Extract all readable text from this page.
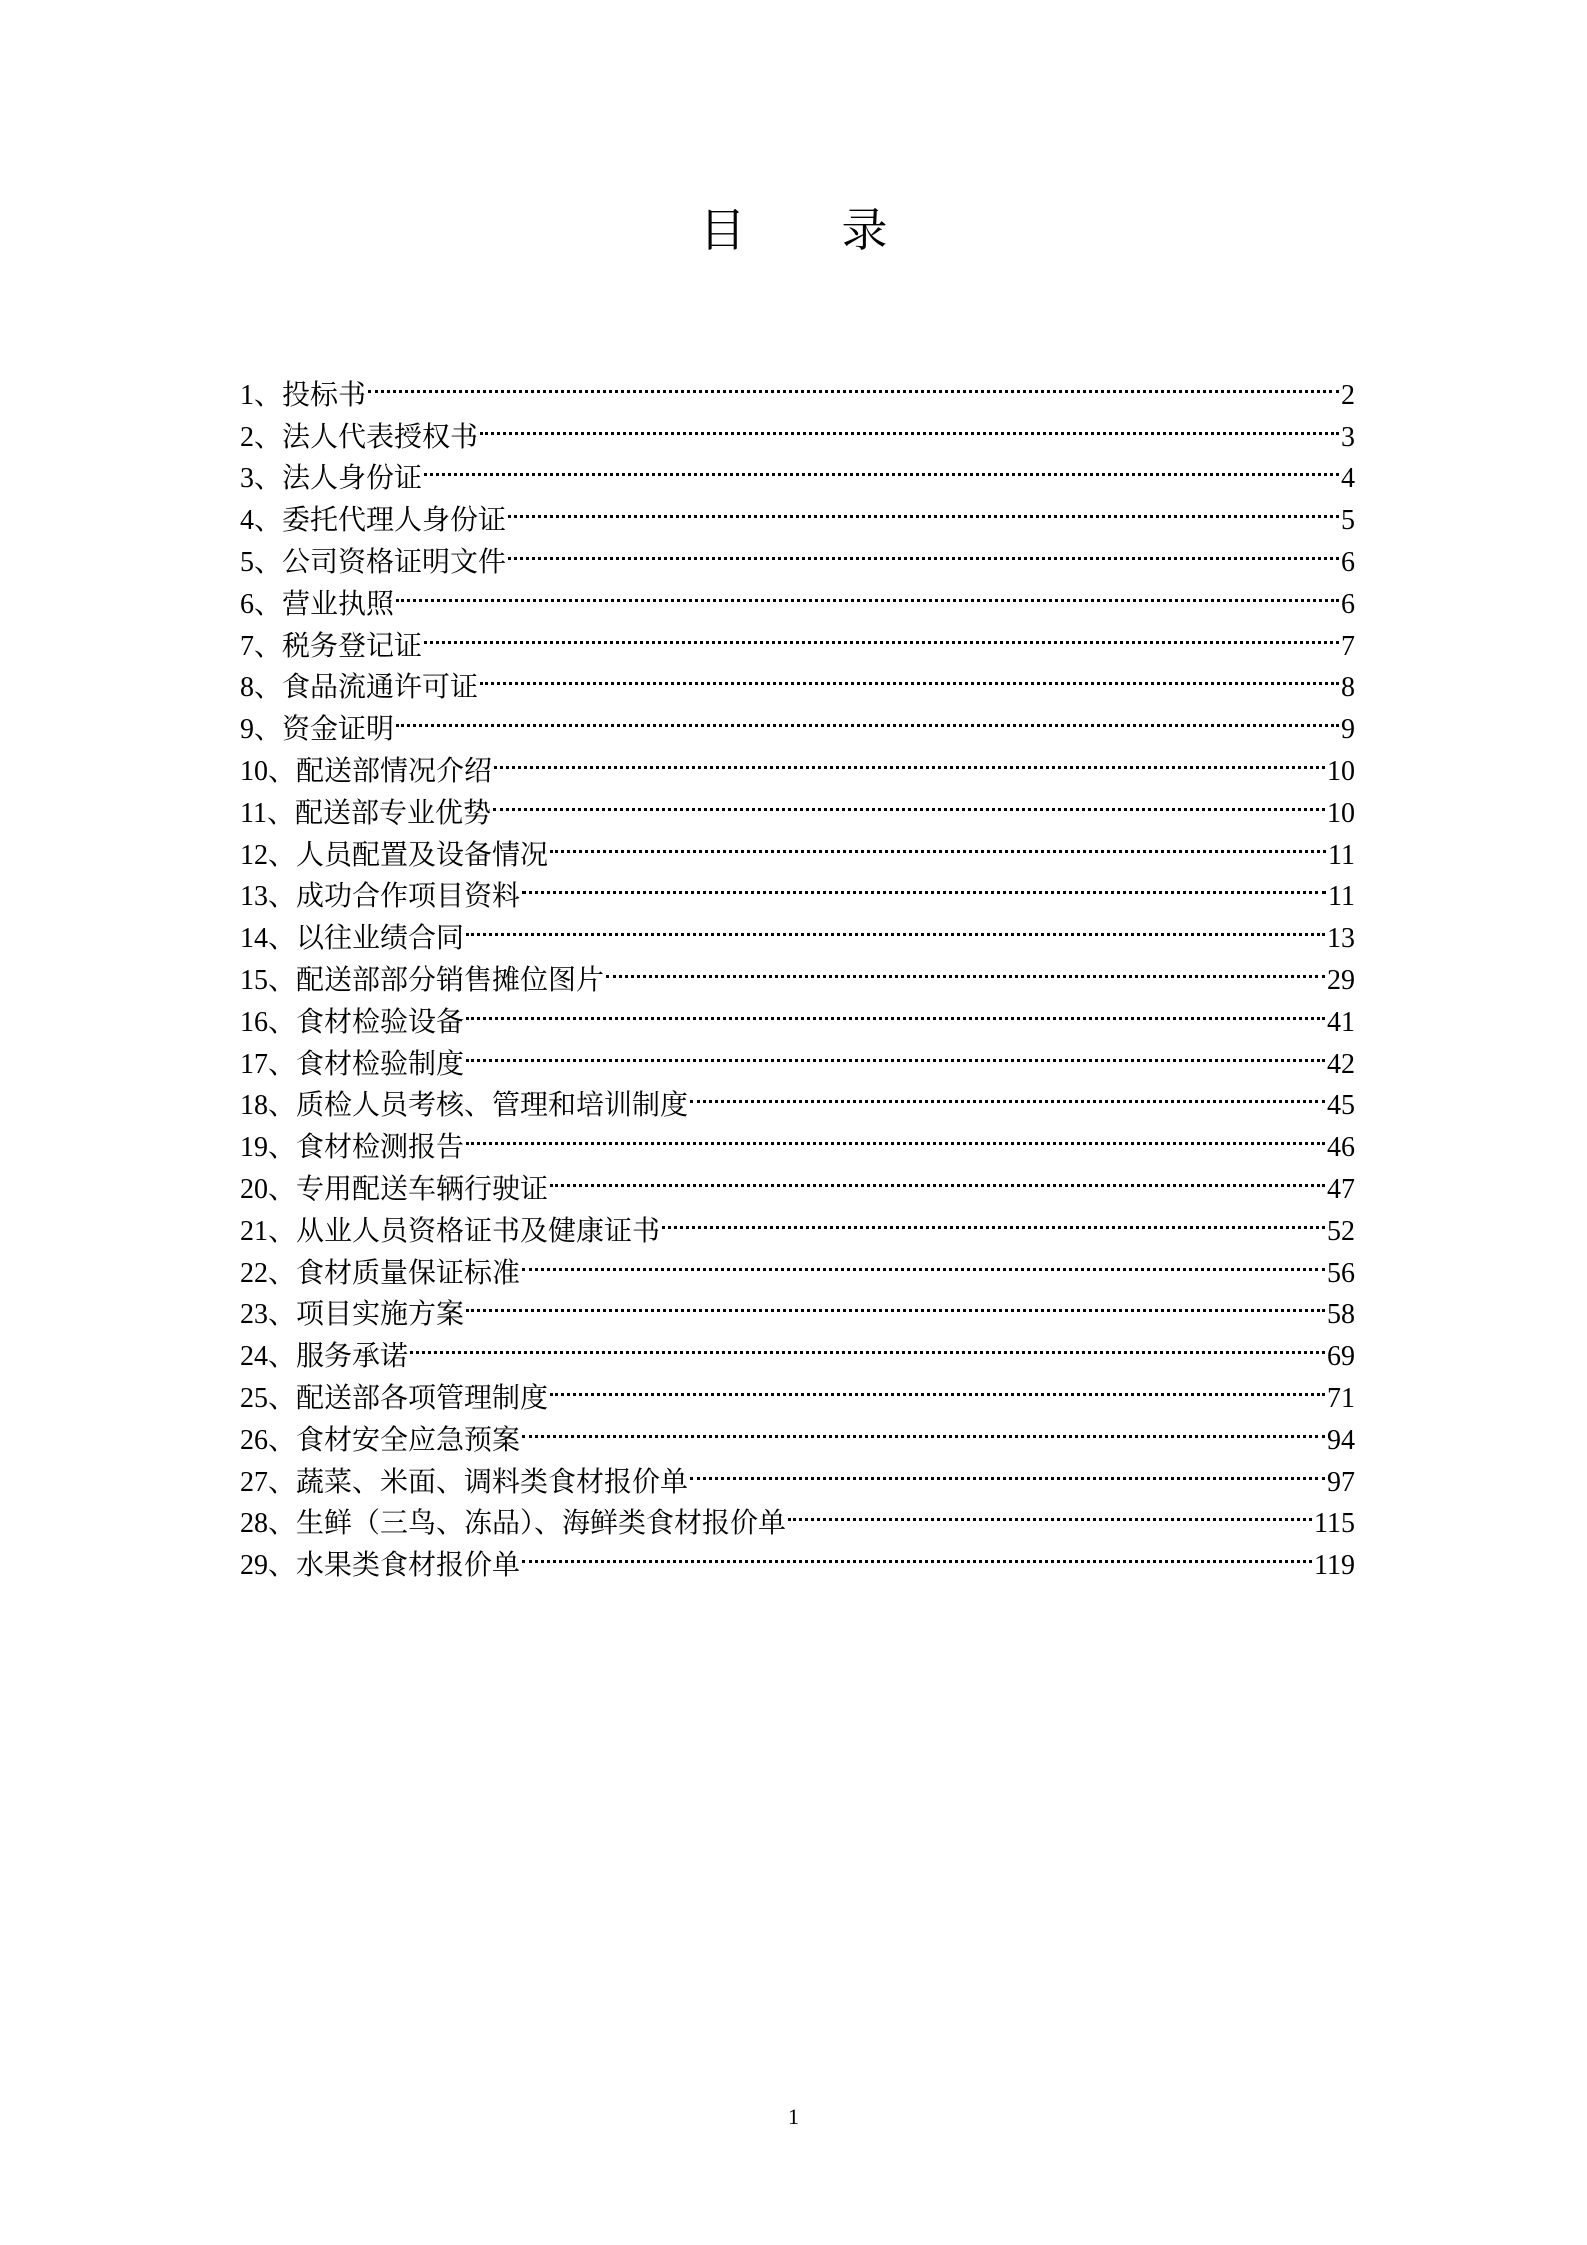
目录
1 、 投标书	2
2 、 法人代表授权书	3
3 、 法人身份证	4
4 、 委托代理人身份证	5
5 、 公司资格证明文件	6
6 、 营业执照	6
7 、 税务登记证	7
8 、 食品流通许可证	8
9 、 资金证明	9
10 、 配送部情况介绍	10
11 、 配送部专业优势	10
12 、 人员配置及设备情况	11
13 、 成功合作项目资料	11
14 、 以往业绩合同	13
15 、 配送部部分销售摊位图片	29
16 、 食材检验设备	41
17 、 食材检验制度	42
18 、 质检人员考核、管理和培训制度	45
19 、 食材检测报告	46
20 、 专用配送车辆行驶证	47
21 、 从业人员资格证书及健康证书	52
22 、 食材质量保证标准	56
23 、 项目实施方案	58
24 、 服务承诺	69
25 、 配送部各项管理制度	71
26 、 食材安全应急预案	94
27 、 蔬菜、米面、调料类食材报价单	97
28 、 生鲜（三鸟、冻品）、海鲜类食材报价单	115
29 、 水果类食材报价单	119
1
